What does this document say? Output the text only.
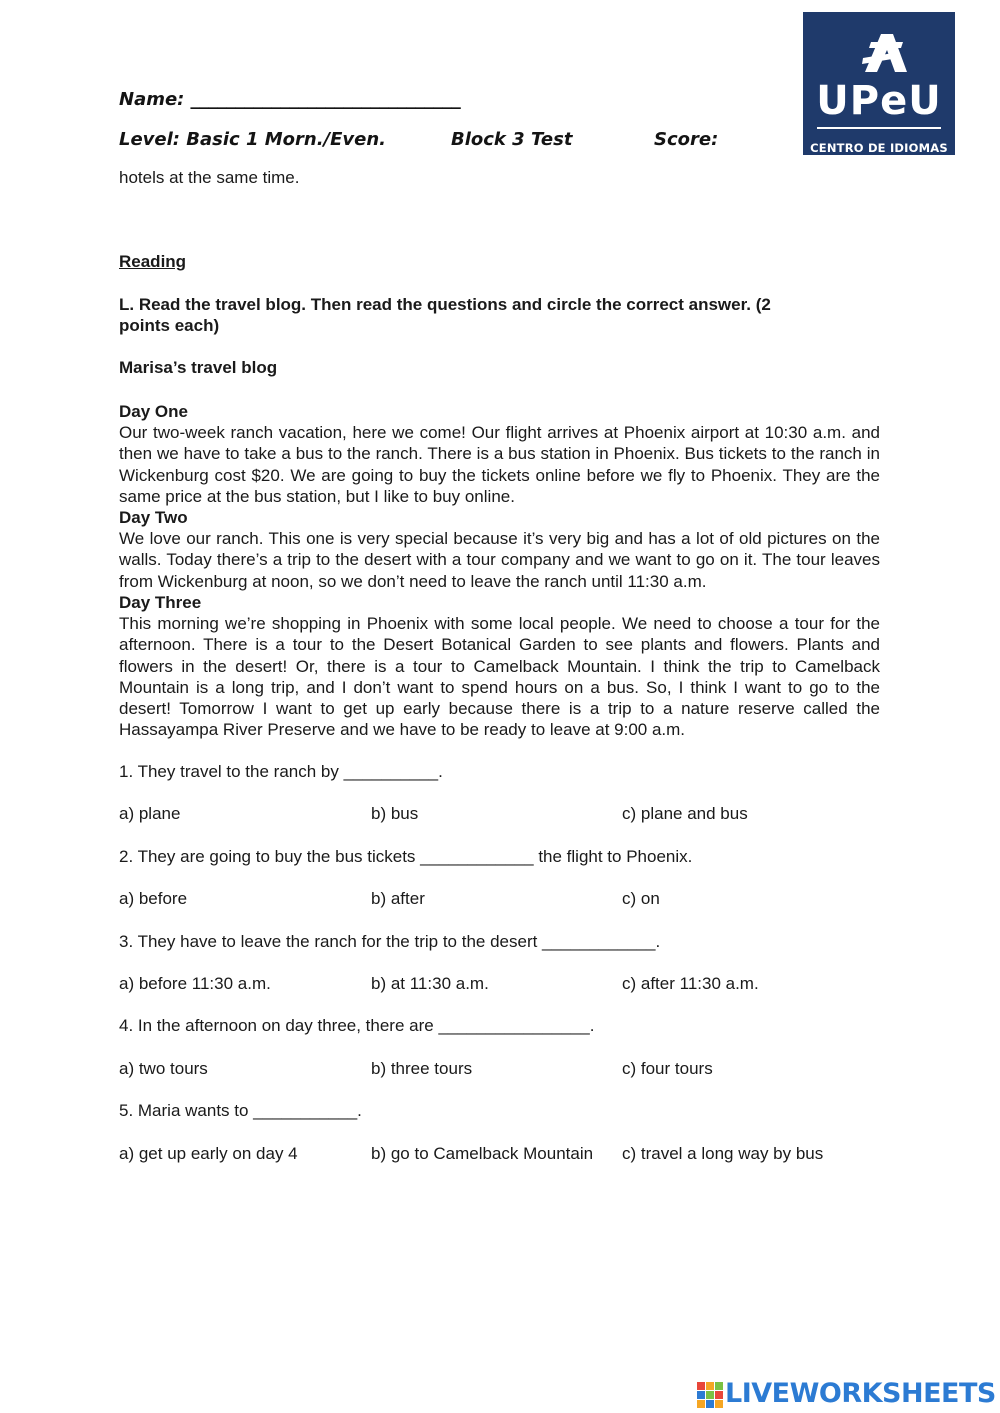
Name: ______________________________
Level: Basic 1 Morn./Even.	Block 3 Test	Score:
UPeU
CENTRO DE IDIOMAS
hotels at the same time.
Reading
L. Read the travel blog. Then read the questions and circle the correct answer. (2
points each)
Marisa’s travel blog
Day One
Our two-week ranch vacation, here we come! Our flight arrives at Phoenix airport at 10:30 a.m. and then we have to take a bus to the ranch. There is a bus station in Phoenix. Bus tickets to the ranch in Wickenburg cost $20. We are going to buy the tickets online before we fly to Phoenix. They are the same price at the bus station, but I like to buy online.
Day Two
We love our ranch. This one is very special because it’s very big and has a lot of old pictures on the walls. Today there’s a trip to the desert with a tour company and we want to go on it. The tour leaves from Wickenburg at noon, so we don’t need to leave the ranch until 11:30 a.m.
Day Three
This morning we’re shopping in Phoenix with some local people. We need to choose a tour for the afternoon. There is a tour to the Desert Botanical Garden to see plants and flowers. Plants and flowers in the desert! Or, there is a tour to Camelback Mountain. I think the trip to Camelback Mountain is a long trip, and I don’t want to spend hours on a bus. So, I think I want to go to the desert! Tomorrow I want to get up early because there is a trip to a nature reserve called the Hassayampa River Preserve and we have to be ready to leave at 9:00 a.m.
1. They travel to the ranch by __________.
a) plane	b) bus	c) plane and bus
2. They are going to buy the bus tickets ____________ the flight to Phoenix.
a) before	b) after	c) on
3. They have to leave the ranch for the trip to the desert ____________.
a) before 11:30 a.m.	b) at 11:30 a.m.	c) after 11:30 a.m.
4. In the afternoon on day three, there are ________________.
a) two tours	b) three tours	c) four tours
5. Maria wants to ___________.
a) get up early on day 4	b) go to Camelback Mountain c) travel a long way by bus
LIVEWORKSHEETS
